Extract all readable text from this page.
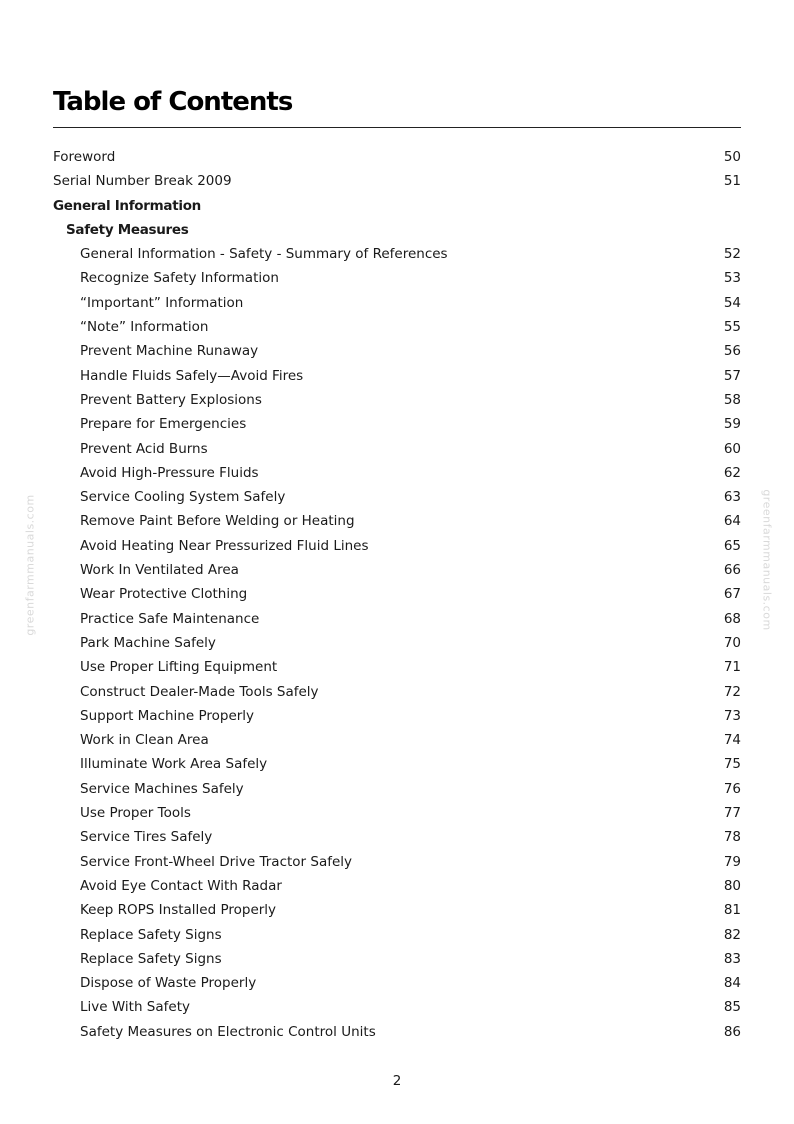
Table of Contents
Foreword	50
Serial Number Break 2009	51
General Information
Safety Measures
General Information - Safety - Summary of References	52
Recognize Safety Information	53
“Important” Information	54
“Note” Information	55
Prevent Machine Runaway	56
Handle Fluids Safely—Avoid Fires	57
Prevent Battery Explosions	58
Prepare for Emergencies	59
Prevent Acid Burns	60
Avoid High-Pressure Fluids	62
Service Cooling System Safely	63
Remove Paint Before Welding or Heating	64
Avoid Heating Near Pressurized Fluid Lines	65
Work In Ventilated Area	66
Wear Protective Clothing	67
Practice Safe Maintenance	68
Park Machine Safely	70
Use Proper Lifting Equipment	71
Construct Dealer-Made Tools Safely	72
Support Machine Properly	73
Work in Clean Area	74
Illuminate Work Area Safely	75
Service Machines Safely	76
Use Proper Tools	77
Service Tires Safely	78
Service Front-Wheel Drive Tractor Safely	79
Avoid Eye Contact With Radar	80
Keep ROPS Installed Properly	81
Replace Safety Signs	82
Replace Safety Signs	83
Dispose of Waste Properly	84
Live With Safety	85
Safety Measures on Electronic Control Units	86
greenfarmmanuals.com	greenfarmmanuals.com
2
